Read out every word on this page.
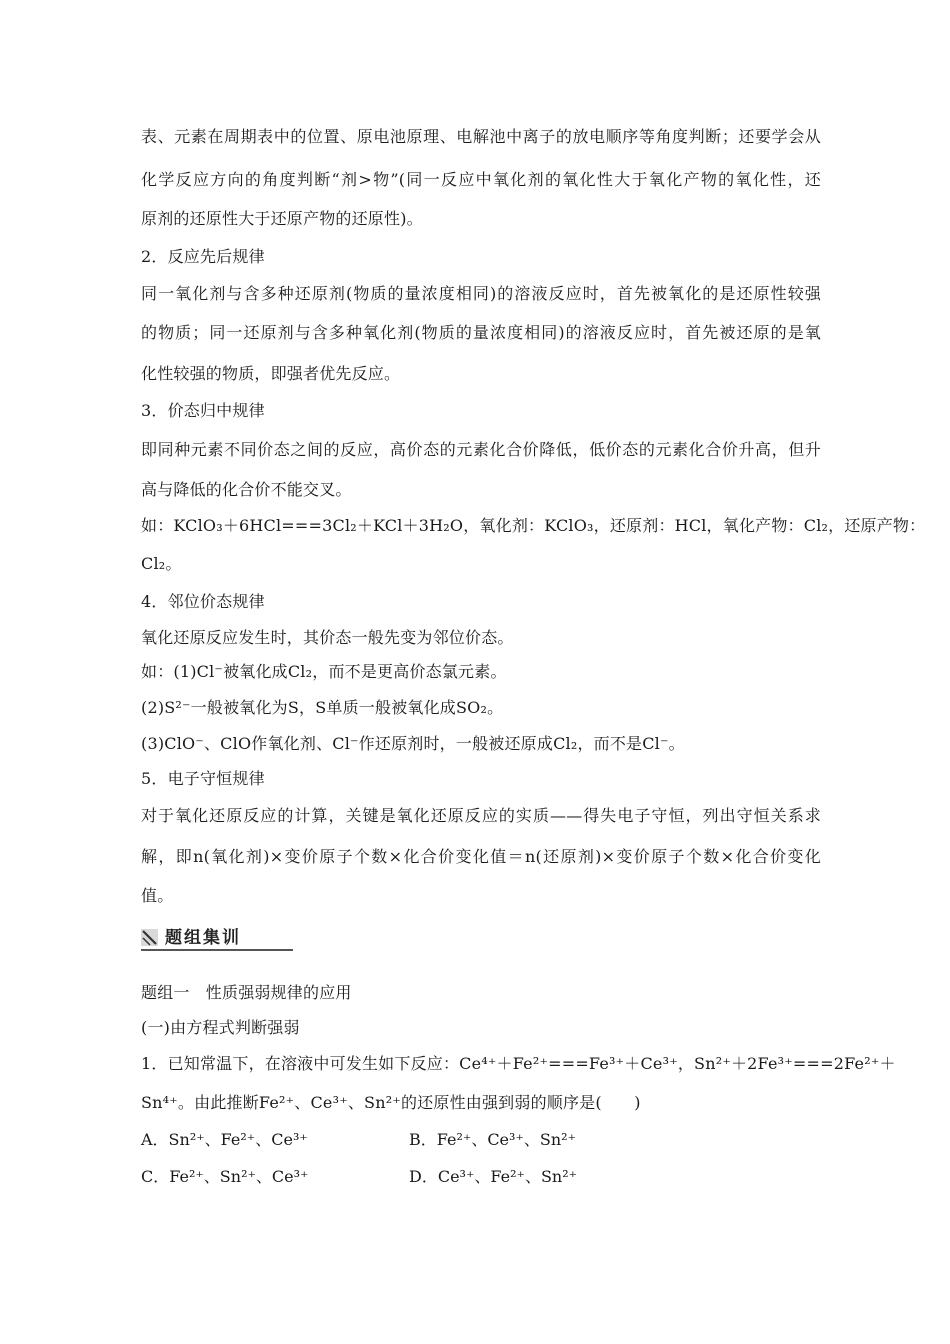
表、元素在周期表中的位置、原电池原理、电解池中离子的放电顺序等角度判断；还要学会从
化学反应方向的角度判断“剂>物”(同一反应中氧化剂的氧化性大于氧化产物的氧化性，还
原剂的还原性大于还原产物的还原性)。
2．反应先后规律
同一氧化剂与含多种还原剂(物质的量浓度相同)的溶液反应时，首先被氧化的是还原性较强
的物质；同一还原剂与含多种氧化剂(物质的量浓度相同)的溶液反应时，首先被还原的是氧
化性较强的物质，即强者优先反应。
3．价态归中规律
即同种元素不同价态之间的反应，高价态的元素化合价降低，低价态的元素化合价升高，但升
高与降低的化合价不能交叉。
如：KClO₃＋6HCl===3Cl₂＋KCl＋3H₂O，氧化剂：KClO₃，还原剂：HCl，氧化产物：Cl₂，还原产物：
Cl₂。
4．邻位价态规律
氧化还原反应发生时，其价态一般先变为邻位价态。
如：(1)Cl⁻被氧化成Cl₂，而不是更高价态氯元素。
(2)S²⁻一般被氧化为S，S单质一般被氧化成SO₂。
(3)ClO⁻、ClO作氧化剂、Cl⁻作还原剂时，一般被还原成Cl₂，而不是Cl⁻。
5．电子守恒规律
对于氧化还原反应的计算，关键是氧化还原反应的实质——得失电子守恒，列出守恒关系求
解，即n(氧化剂)×变价原子个数×化合价变化值＝n(还原剂)×变价原子个数×化合价变化
值。
题组集训
题组一　性质强弱规律的应用
(一)由方程式判断强弱
1．已知常温下，在溶液中可发生如下反应：Ce⁴⁺＋Fe²⁺===Fe³⁺＋Ce³⁺，Sn²⁺＋2Fe³⁺===2Fe²⁺＋
Sn⁴⁺。由此推断Fe²⁺、Ce³⁺、Sn²⁺的还原性由强到弱的顺序是(　　)
A．Sn²⁺、Fe²⁺、Ce³⁺	B．Fe²⁺、Ce³⁺、Sn²⁺
C．Fe²⁺、Sn²⁺、Ce³⁺	D．Ce³⁺、Fe²⁺、Sn²⁺
